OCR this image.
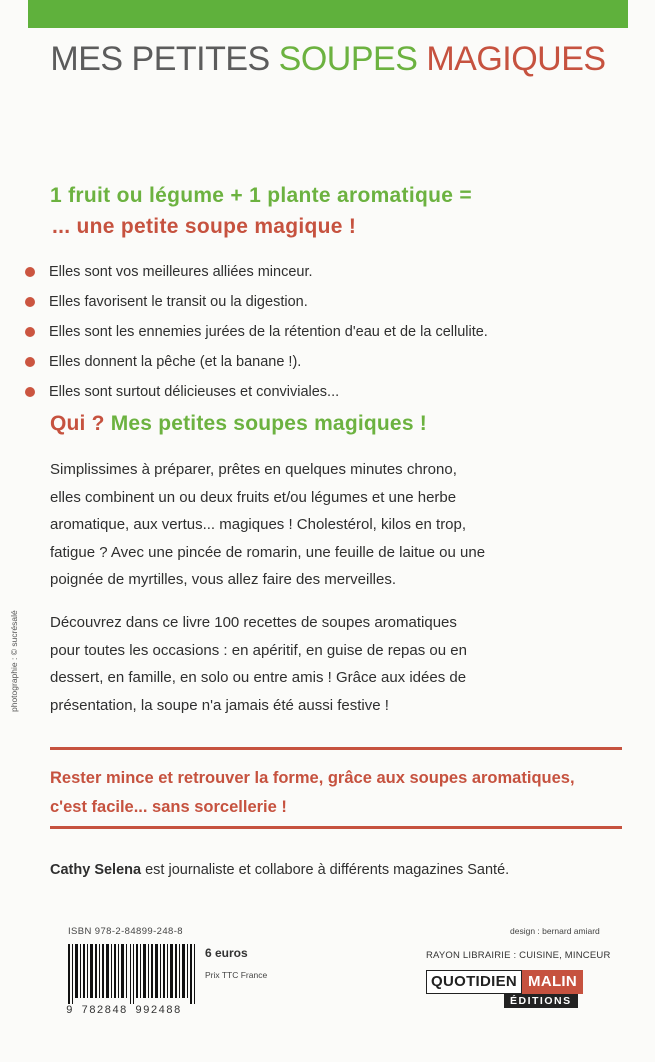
MES PETITES SOUPES MAGIQUES
1 fruit ou légume + 1 plante aromatique =
... une petite soupe magique !
Elles sont vos meilleures alliées minceur.
Elles favorisent le transit ou la digestion.
Elles sont les ennemies jurées de la rétention d'eau et de la cellulite.
Elles donnent la pêche (et la banane !).
Elles sont surtout délicieuses et conviviales...
Qui ? Mes petites soupes magiques !
Simplissimes à préparer, prêtes en quelques minutes chrono,
elles combinent un ou deux fruits et/ou légumes et une herbe
aromatique, aux vertus... magiques ! Cholestérol, kilos en trop,
fatigue ? Avec une pincée de romarin, une feuille de laitue ou une
poignée de myrtilles, vous allez faire des merveilles.
Découvrez dans ce livre 100 recettes de soupes aromatiques
pour toutes les occasions : en apéritif, en guise de repas ou en
dessert, en famille, en solo ou entre amis ! Grâce aux idées de
présentation, la soupe n'a jamais été aussi festive !
Rester mince et retrouver la forme, grâce aux soupes aromatiques,
c'est facile... sans sorcellerie !
Cathy Selena est journaliste et collabore à différents magazines Santé.
photographie : © sucrésalé
ISBN 978-2-84899-248-8
9 782848 992488
6 euros
Prix TTC France
design : bernard amiard
RAYON LIBRAIRIE : CUISINE, MINCEUR
QUOTIDIEN MALIN
ÉDITIONS
